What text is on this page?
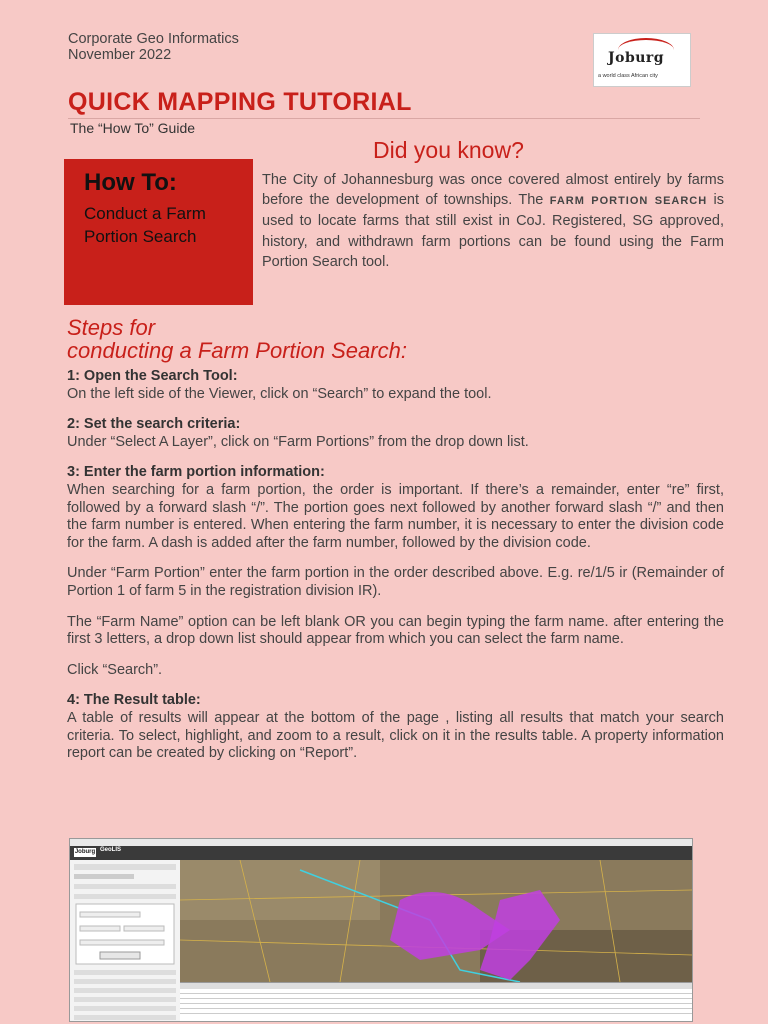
Corporate Geo Informatics
November 2022	Joburg
a world class African city
QUICK MAPPING TUTORIAL
The “How To” Guide
Did you know?
How To:
Conduct a Farm Portion Search
The City of Johannesburg was once covered almost entirely by farms before the development of townships. The FARM PORTION SEARCH is used to locate farms that still exist in CoJ. Registered, SG approved, history, and withdrawn farm portions can be found using the Farm Portion Search tool.
Steps for
conducting a Farm Portion Search:

1: Open the Search Tool:

On the left side of the Viewer, click on “Search” to expand the tool.

2: Set the search criteria:

Under “Select A Layer”, click on “Farm Portions” from the drop down list.

3: Enter the farm portion information:

When searching for a farm portion, the order is important. If there’s a remainder, enter “re” first, followed by a forward slash “/”. The portion goes next followed by another forward slash “/” and then the farm number is entered. When entering the farm number, it is necessary to enter the division code for the farm. A dash is added after the farm number, followed by the division code.

Under “Farm Portion” enter the farm portion in the order described above. E.g. re/1/5 ir (Remainder of Portion 1 of farm 5 in the registration division IR).

The “Farm Name” option can be left blank OR you can begin typing the farm name. after entering the first 3 letters, a drop down list should appear from which you can select the farm name.

Click “Search”.

4: The Result table:

A table of results will appear at the bottom of the page , listing all results that match your search criteria. To select, highlight, and zoom to a result, click on it in the results table. A property information report can be created by clicking on “Report”.

Joburg GeoLIS
